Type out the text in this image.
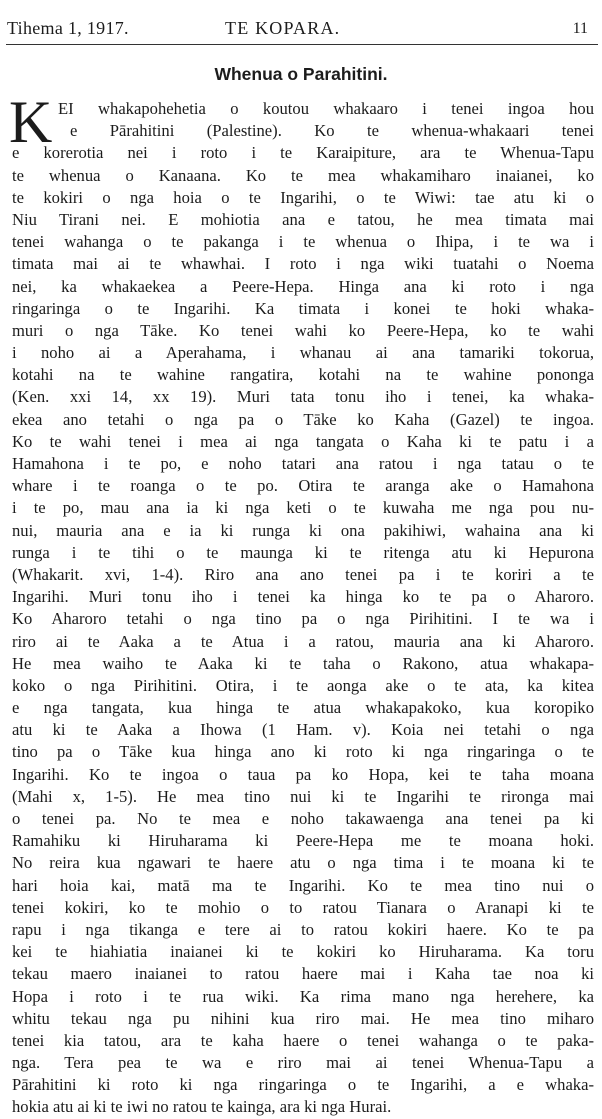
Tihema 1, 1917.	TE KOPARA.	11
Whenua o Parahitini.
K EI whakapohehetia o koutou whakaaro i tenei ingoa hou
e Pārahitini (Palestine). Ko te whenua-whakaari tenei
e korerotia nei i roto i te Karaipiture, ara te Whenua-Tapu
te whenua o Kanaana. Ko te mea whakamiharo inaianei, ko
te kokiri o nga hoia o te Ingarihi, o te Wiwi: tae atu ki o
Niu Tirani nei. E mohiotia ana e tatou, he mea timata mai
tenei wahanga o te pakanga i te whenua o Ihipa, i te wa i
timata mai ai te whawhai. I roto i nga wiki tuatahi o Noema
nei, ka whakaekea a Peere-Hepa. Hinga ana ki roto i nga
ringaringa o te Ingarihi. Ka timata i konei te hoki whaka-
muri o nga Tāke. Ko tenei wahi ko Peere-Hepa, ko te wahi
i noho ai a Aperahama, i whanau ai ana tamariki tokorua,
kotahi na te wahine rangatira, kotahi na te wahine pononga
(Ken. xxi 14, xx 19). Muri tata tonu iho i tenei, ka whaka-
ekea ano tetahi o nga pa o Tāke ko Kaha (Gazel) te ingoa.
Ko te wahi tenei i mea ai nga tangata o Kaha ki te patu i a
Hamahona i te po, e noho tatari ana ratou i nga tatau o te
whare i te roanga o te po. Otira te aranga ake o Hamahona
i te po, mau ana ia ki nga keti o te kuwaha me nga pou nu-
nui, mauria ana e ia ki runga ki ona pakihiwi, wahaina ana ki
runga i te tihi o te maunga ki te ritenga atu ki Hepurona
(Whakarit. xvi, 1-4). Riro ana ano tenei pa i te koriri a te
Ingarihi. Muri tonu iho i tenei ka hinga ko te pa o Aharoro.
Ko Aharoro tetahi o nga tino pa o nga Pirihitini. I te wa i
riro ai te Aaka a te Atua i a ratou, mauria ana ki Aharoro.
He mea waiho te Aaka ki te taha o Rakono, atua whakapa-
koko o nga Pirihitini. Otira, i te aonga ake o te ata, ka kitea
e nga tangata, kua hinga te atua whakapakoko, kua koropiko
atu ki te Aaka a Ihowa (1 Ham. v). Koia nei tetahi o nga
tino pa o Tāke kua hinga ano ki roto ki nga ringaringa o te
Ingarihi. Ko te ingoa o taua pa ko Hopa, kei te taha moana
(Mahi x, 1-5). He mea tino nui ki te Ingarihi te rironga mai
o tenei pa. No te mea e noho takawaenga ana tenei pa ki
Ramahiku ki Hiruharama ki Peere-Hepa me te moana hoki.
No reira kua ngawari te haere atu o nga tima i te moana ki te
hari hoia kai, matā ma te Ingarihi. Ko te mea tino nui o
tenei kokiri, ko te mohio o to ratou Tianara o Aranapi ki te
rapu i nga tikanga e tere ai to ratou kokiri haere. Ko te pa
kei te hiahiatia inaianei ki te kokiri ko Hiruharama. Ka toru
tekau maero inaianei to ratou haere mai i Kaha tae noa ki
Hopa i roto i te rua wiki. Ka rima mano nga herehere, ka
whitu tekau nga pu nihini kua riro mai. He mea tino miharo
tenei kia tatou, ara te kaha haere o tenei wahanga o te paka-
nga. Tera pea te wa e riro mai ai tenei Whenua-Tapu a
Pārahitini ki roto ki nga ringaringa o te Ingarihi, a e whaka-
hokia atu ai ki te iwi no ratou te kainga, ara ki nga Hurai.
